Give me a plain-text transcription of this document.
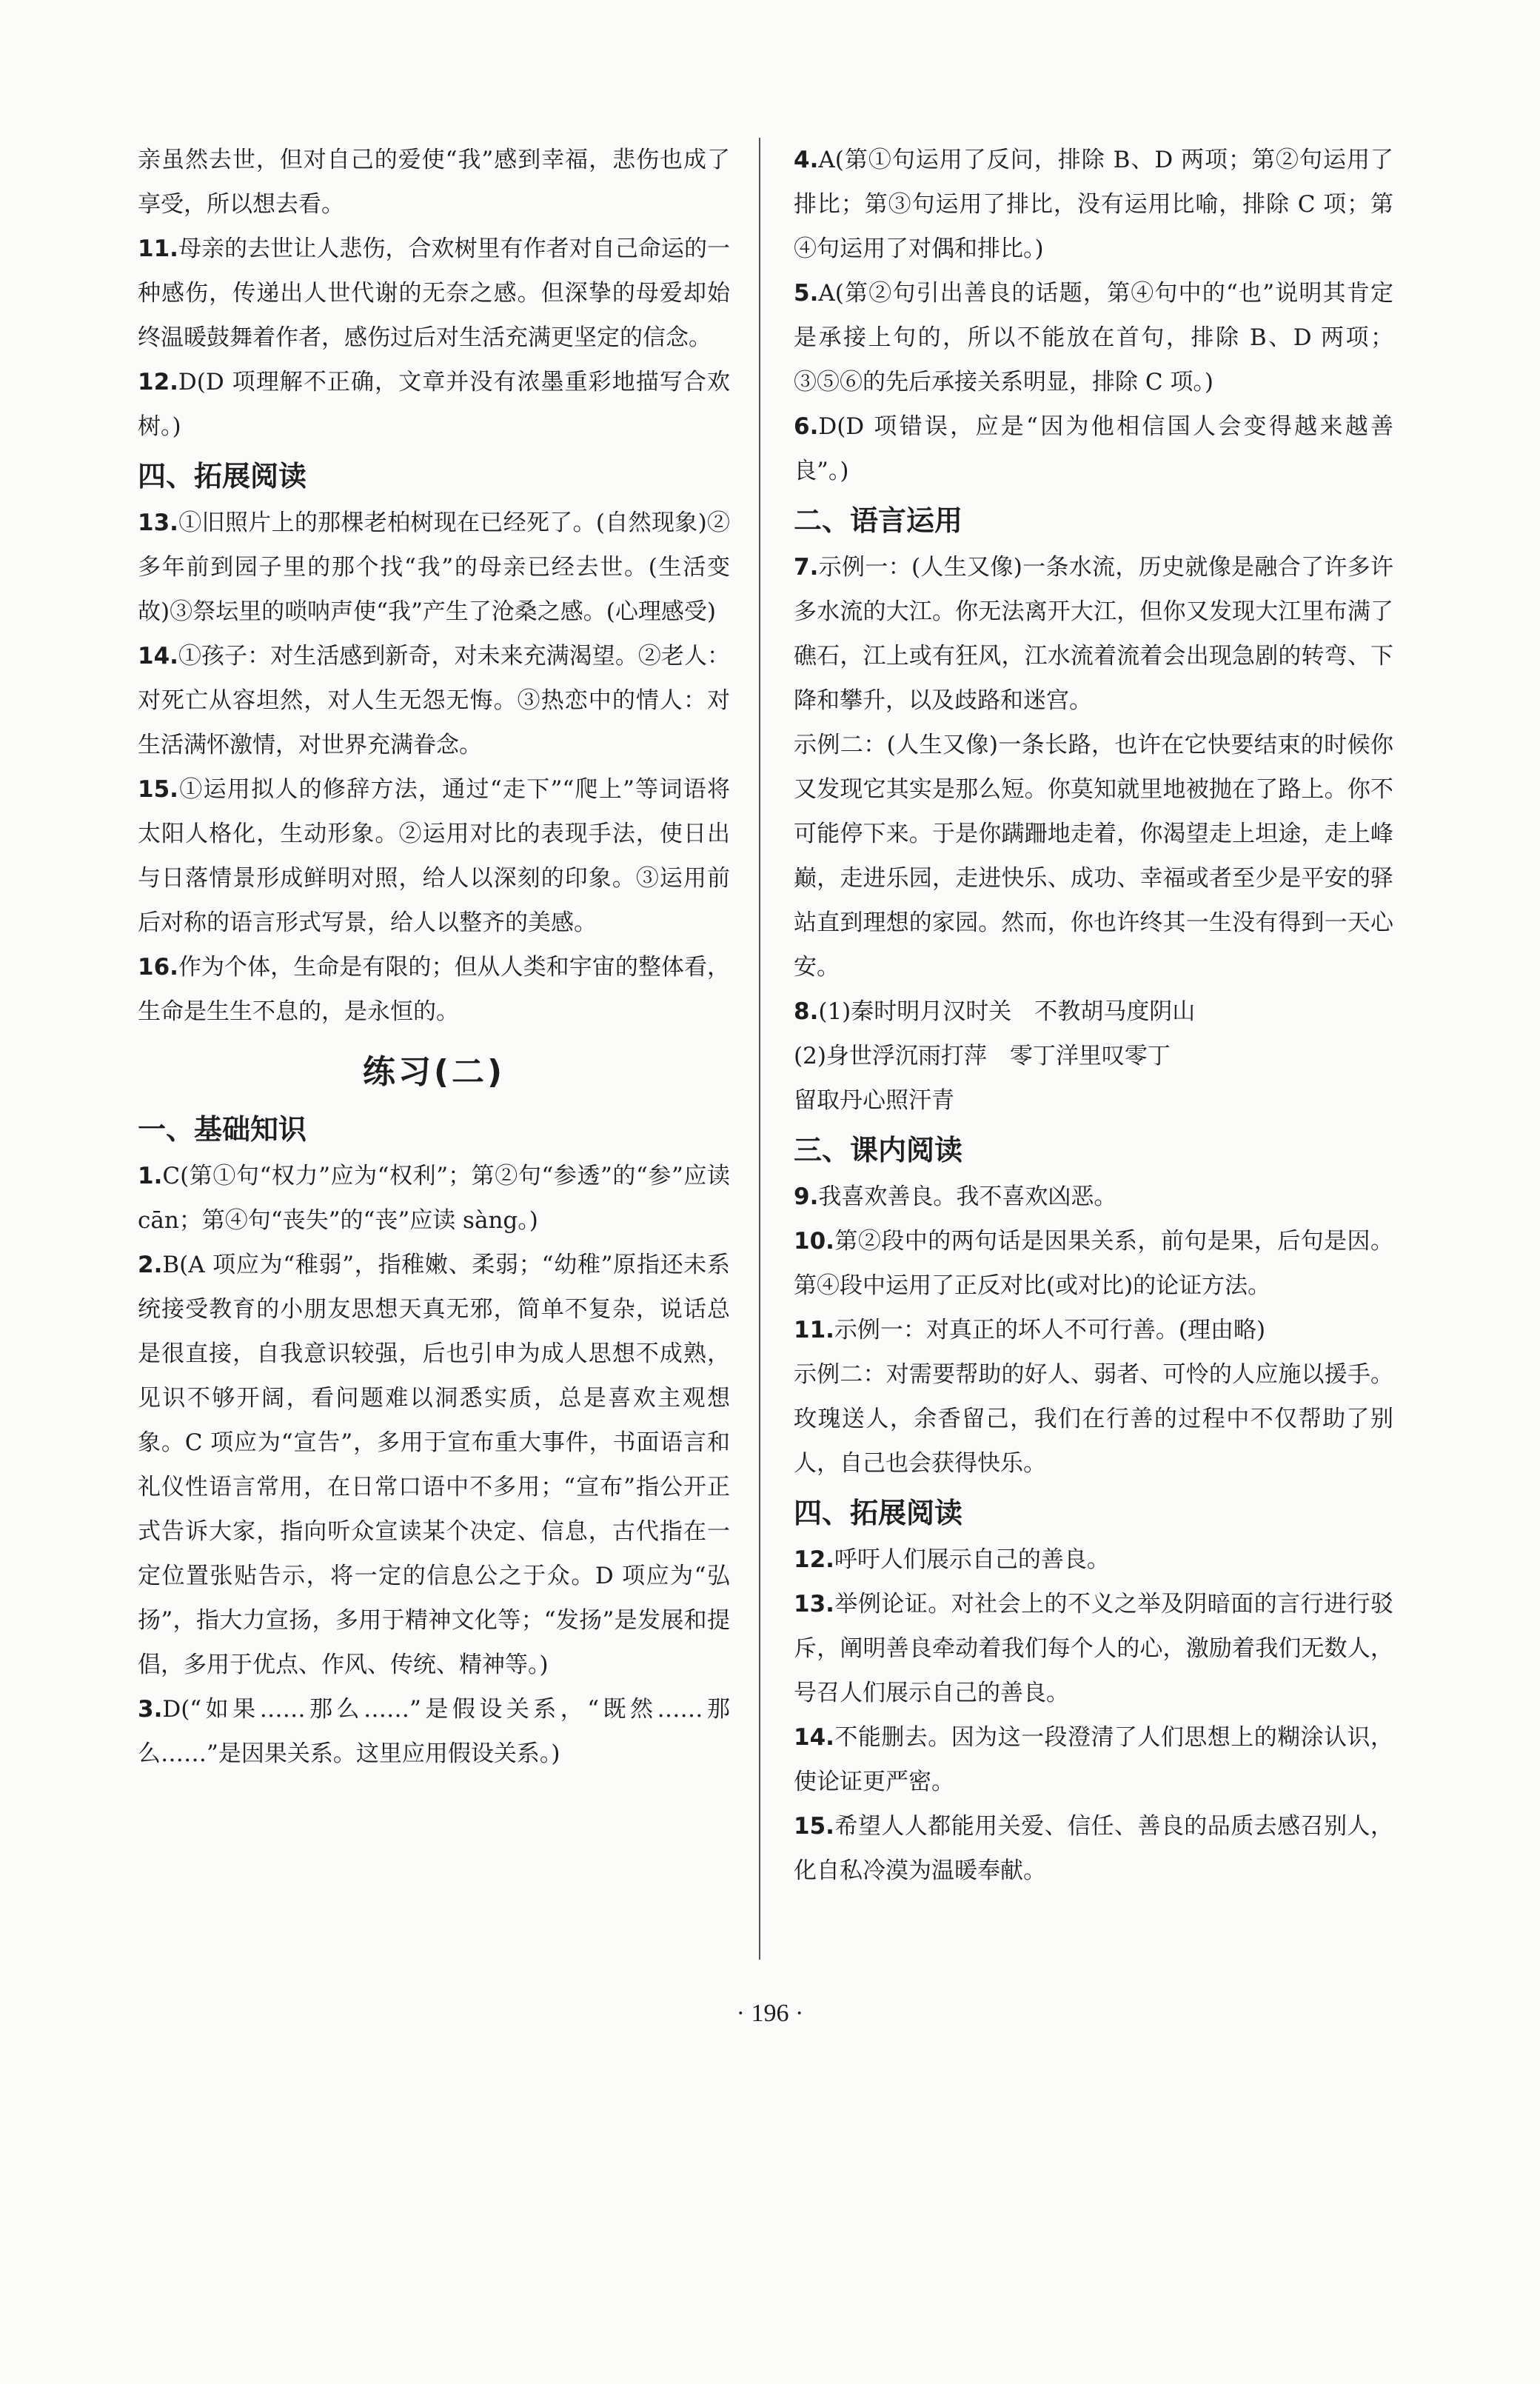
亲虽然去世，但对自己的爱使“我”感到幸福，悲伤也成了享受，所以想去看。

11.母亲的去世让人悲伤，合欢树里有作者对自己命运的一种感伤，传递出人世代谢的无奈之感。但深挚的母爱却始终温暖鼓舞着作者，感伤过后对生活充满更坚定的信念。

12.D(D 项理解不正确，文章并没有浓墨重彩地描写合欢树。)

四、拓展阅读

13.①旧照片上的那棵老柏树现在已经死了。(自然现象)②多年前到园子里的那个找“我”的母亲已经去世。(生活变故)③祭坛里的唢呐声使“我”产生了沧桑之感。(心理感受)

14.①孩子：对生活感到新奇，对未来充满渴望。②老人：对死亡从容坦然，对人生无怨无悔。③热恋中的情人：对生活满怀激情，对世界充满眷念。

15.①运用拟人的修辞方法，通过“走下”“爬上”等词语将太阳人格化，生动形象。②运用对比的表现手法，使日出与日落情景形成鲜明对照，给人以深刻的印象。③运用前后对称的语言形式写景，给人以整齐的美感。

16.作为个体，生命是有限的；但从人类和宇宙的整体看，生命是生生不息的，是永恒的。

练习(二)
一、基础知识

1.C(第①句“权力”应为“权利”；第②句“参透”的“参”应读 cān；第④句“丧失”的“丧”应读 sàng。)

2.B(A 项应为“稚弱”，指稚嫩、柔弱；“幼稚”原指还未系统接受教育的小朋友思想天真无邪，简单不复杂，说话总是很直接，自我意识较强，后也引申为成人思想不成熟，见识不够开阔，看问题难以洞悉实质，总是喜欢主观想象。C 项应为“宣告”，多用于宣布重大事件，书面语言和礼仪性语言常用，在日常口语中不多用；“宣布”指公开正式告诉大家，指向听众宣读某个决定、信息，古代指在一定位置张贴告示，将一定的信息公之于众。D 项应为“弘扬”，指大力宣扬，多用于精神文化等；“发扬”是发展和提倡，多用于优点、作风、传统、精神等。)

3.D(“如果……那么……”是假设关系，“既然……那么……”是因果关系。这里应用假设关系。)

4.A(第①句运用了反问，排除 B、D 两项；第②句运用了排比；第③句运用了排比，没有运用比喻，排除 C 项；第④句运用了对偶和排比。)

5.A(第②句引出善良的话题，第④句中的“也”说明其肯定是承接上句的，所以不能放在首句，排除 B、D 两项；③⑤⑥的先后承接关系明显，排除 C 项。)

6.D(D 项错误，应是“因为他相信国人会变得越来越善良”。)

二、语言运用

7.示例一：(人生又像)一条水流，历史就像是融合了许多许多水流的大江。你无法离开大江，但你又发现大江里布满了礁石，江上或有狂风，江水流着流着会出现急剧的转弯、下降和攀升，以及歧路和迷宫。

示例二：(人生又像)一条长路，也许在它快要结束的时候你又发现它其实是那么短。你莫知就里地被抛在了路上。你不可能停下来。于是你蹒跚地走着，你渴望走上坦途，走上峰巅，走进乐园，走进快乐、成功、幸福或者至少是平安的驿站直到理想的家园。然而，你也许终其一生没有得到一天心安。

8.(1)秦时明月汉时关　不教胡马度阴山

(2)身世浮沉雨打萍　零丁洋里叹零丁

留取丹心照汗青

三、课内阅读

9.我喜欢善良。我不喜欢凶恶。

10.第②段中的两句话是因果关系，前句是果，后句是因。第④段中运用了正反对比(或对比)的论证方法。

11.示例一：对真正的坏人不可行善。(理由略)

示例二：对需要帮助的好人、弱者、可怜的人应施以援手。玫瑰送人，余香留己，我们在行善的过程中不仅帮助了别人，自己也会获得快乐。

四、拓展阅读

12.呼吁人们展示自己的善良。

13.举例论证。对社会上的不义之举及阴暗面的言行进行驳斥，阐明善良牵动着我们每个人的心，激励着我们无数人，号召人们展示自己的善良。

14.不能删去。因为这一段澄清了人们思想上的糊涂认识，使论证更严密。

15.希望人人都能用关爱、信任、善良的品质去感召别人，化自私冷漠为温暖奉献。

· 196 ·
